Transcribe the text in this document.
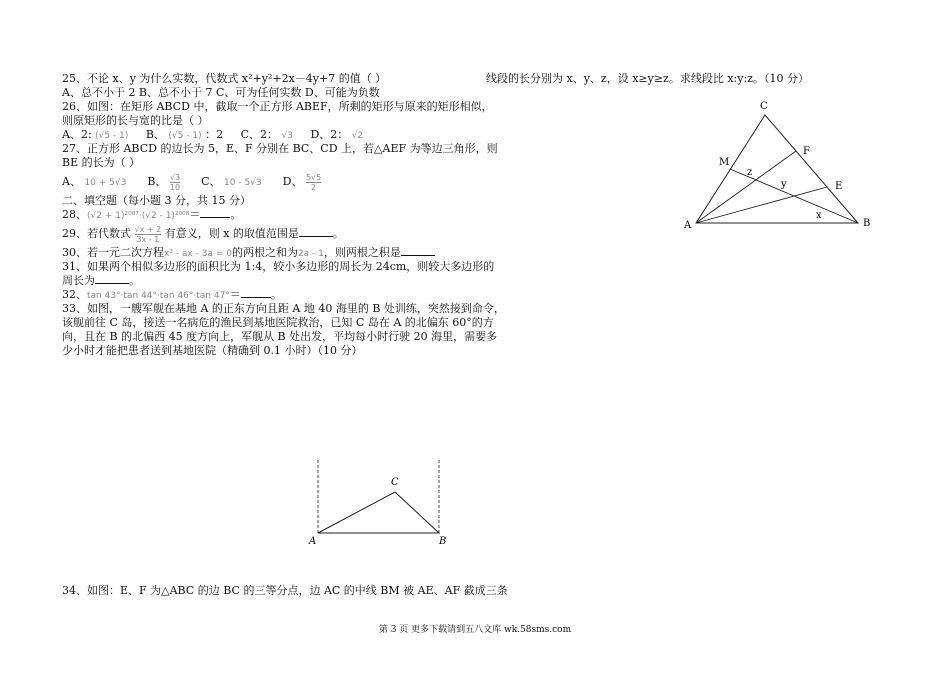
25、不论 x、y 为什么实数，代数式 x²+y²+2x－4y+7 的值（ ）
A、总不小于 2 B、总不小于 7 C、可为任何实数 D、可能为负数
26、如图：在矩形 ABCD 中，截取一个正方形 ABEF，所剩的矩形与原来的矩形相似，
则原矩形的长与宽的比是（ ）
A、2: (√5 - 1) B、 (√5 - 1) ：2 C、2： √3 D、2： √2
27、正方形 ABCD 的边长为 5，E、F 分别在 BC、CD 上，若△AEF 为等边三角形，则
BE 的长为（ ）
A、 10 + 5√3 B、 $\frac{√3}{10}$ C、 10 - 5√3 D、 $\frac{5√5}{2}$
二、填空题（每小题 3 分，共 15 分）
28、(√2 + 1)²⁰⁰⁷·(√2 - 1)²⁰⁰⁸＝	。
29、若代数式 $\frac{√x + 2}{3x - 1}$ 有意义，则 x 的取值范围是	。
30、若一元二次方程x² - ax - 3a = 0的两根之和为2a - 1，则两根之积是
31、如果两个相似多边形的面积比为 1:4，较小多边形的周长为 24cm，则较大多边形的
周长为	。
32、tan 43°·tan 44°·tan 46°·tan 47°＝	。
33、如图，一艘军舰在基地 A 的正东方向且距 A 地 40 海里的 B 处训练，突然接到命令，
该舰前往 C 岛，接送一名病危的渔民到基地医院救治，已知 C 岛在 A 的北偏东 60°的方
向，且在 B 的北偏西 45 度方向上，军舰从 B 处出发，平均每小时行驶 20 海里，需要多
少小时才能把患者送到基地医院（精确到 0.1 小时）（10 分）
34、如图：E、F 为△ABC 的边 BC 的三等分点，边 AC 的中线 BM 被 AE、AF 截成三条
线段的长分别为 x、y、z，设 x≥y≥z。求线段比 x:y:z。（10 分）
A	B
C
A	B
C
M
F
E
z
y
x
第 3 页 更多下载请到五八文库 wk.58sms.com
